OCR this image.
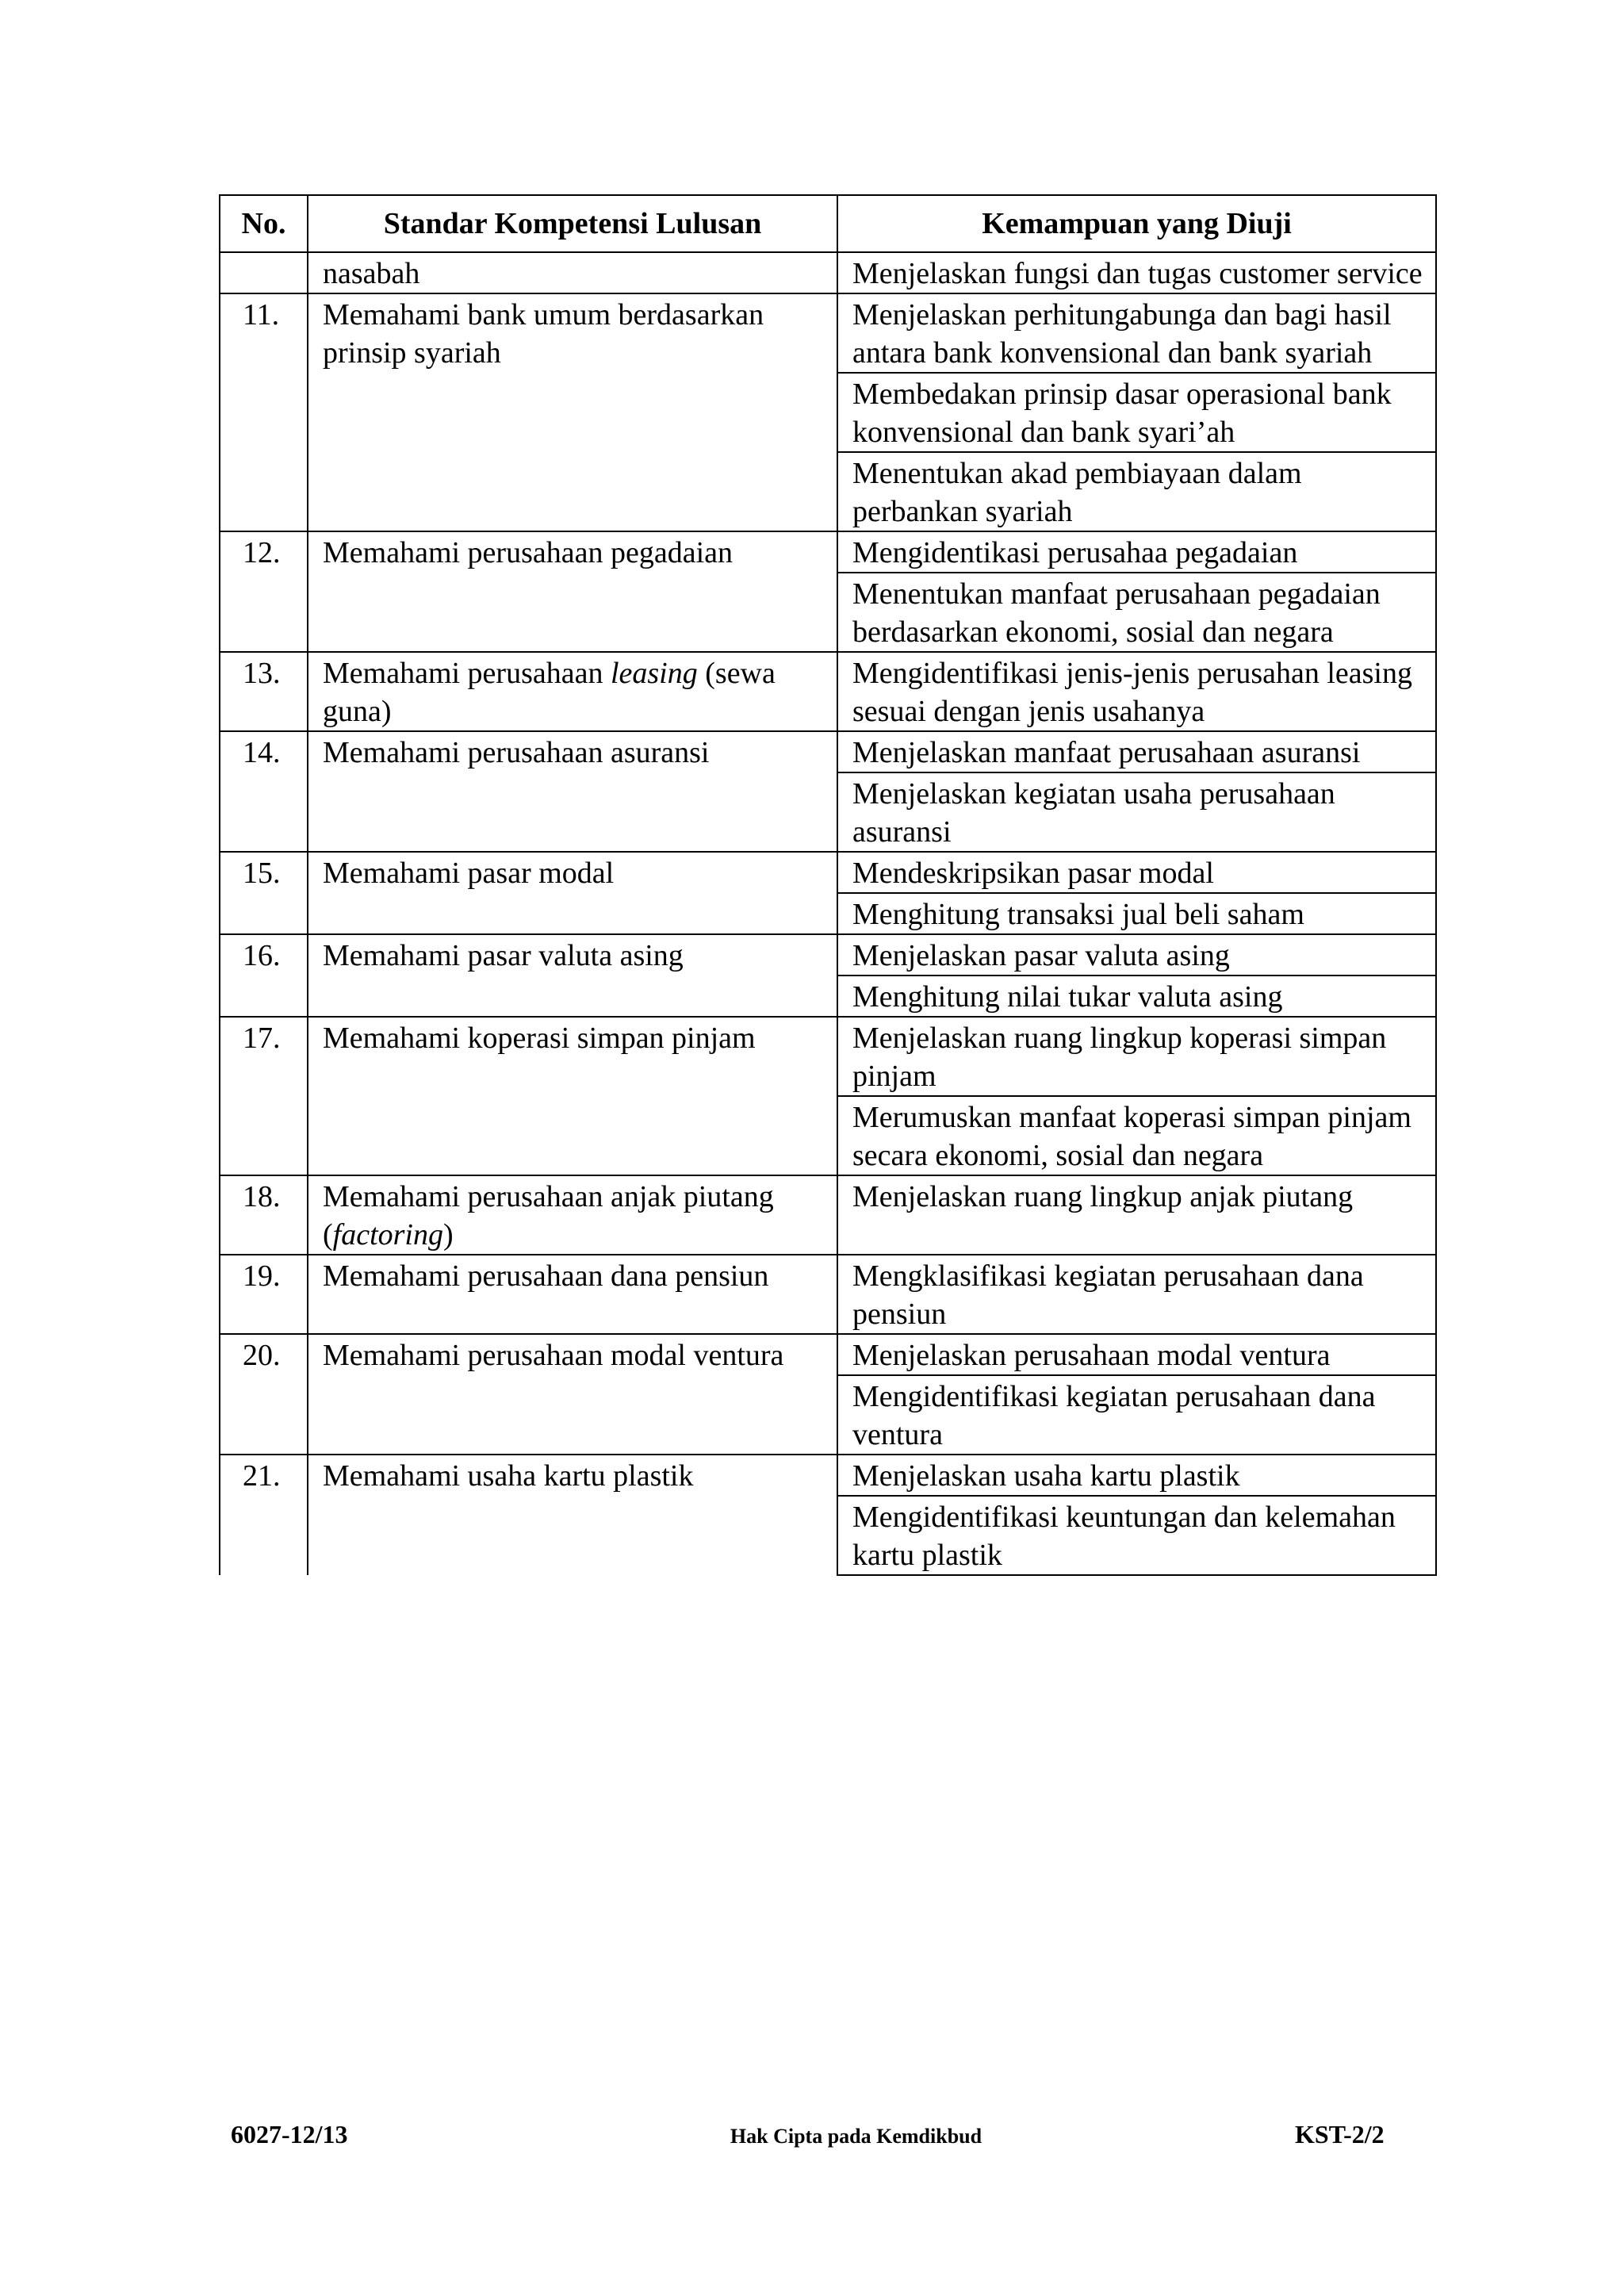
No.	Standar Kompetensi Lulusan	Kemampuan yang Diuji
	nasabah	Menjelaskan fungsi dan tugas customer service
11.	Memahami bank umum berdasarkan prinsip syariah	Menjelaskan perhitungabunga dan bagi hasil antara bank konvensional dan bank syariah
		Membedakan prinsip dasar operasional bank konvensional dan bank syari’ah
		Menentukan akad pembiayaan dalam perbankan syariah
12.	Memahami perusahaan pegadaian	Mengidentikasi perusahaa pegadaian
		Menentukan manfaat perusahaan pegadaian berdasarkan ekonomi, sosial dan negara
13.	Memahami perusahaan leasing (sewa guna)	Mengidentifikasi jenis-jenis perusahan leasing sesuai dengan jenis usahanya
14.	Memahami perusahaan asuransi	Menjelaskan manfaat perusahaan asuransi
		Menjelaskan kegiatan usaha perusahaan asuransi
15.	Memahami pasar modal	Mendeskripsikan pasar modal
		Menghitung transaksi jual beli saham
16.	Memahami pasar valuta asing	Menjelaskan pasar valuta asing
		Menghitung nilai tukar valuta asing
17.	Memahami koperasi simpan pinjam	Menjelaskan ruang lingkup koperasi simpan pinjam
		Merumuskan manfaat koperasi simpan pinjam secara ekonomi, sosial dan negara
18.	Memahami perusahaan anjak piutang (factoring)	Menjelaskan ruang lingkup anjak piutang
19.	Memahami perusahaan dana pensiun	Mengklasifikasi kegiatan perusahaan dana pensiun
20.	Memahami perusahaan modal ventura	Menjelaskan perusahaan modal ventura
		Mengidentifikasi kegiatan perusahaan dana ventura
21.	Memahami usaha kartu plastik	Menjelaskan usaha kartu plastik
		Mengidentifikasi keuntungan dan kelemahan kartu plastik
6027-12/13	Hak Cipta pada Kemdikbud	KST-2/2
